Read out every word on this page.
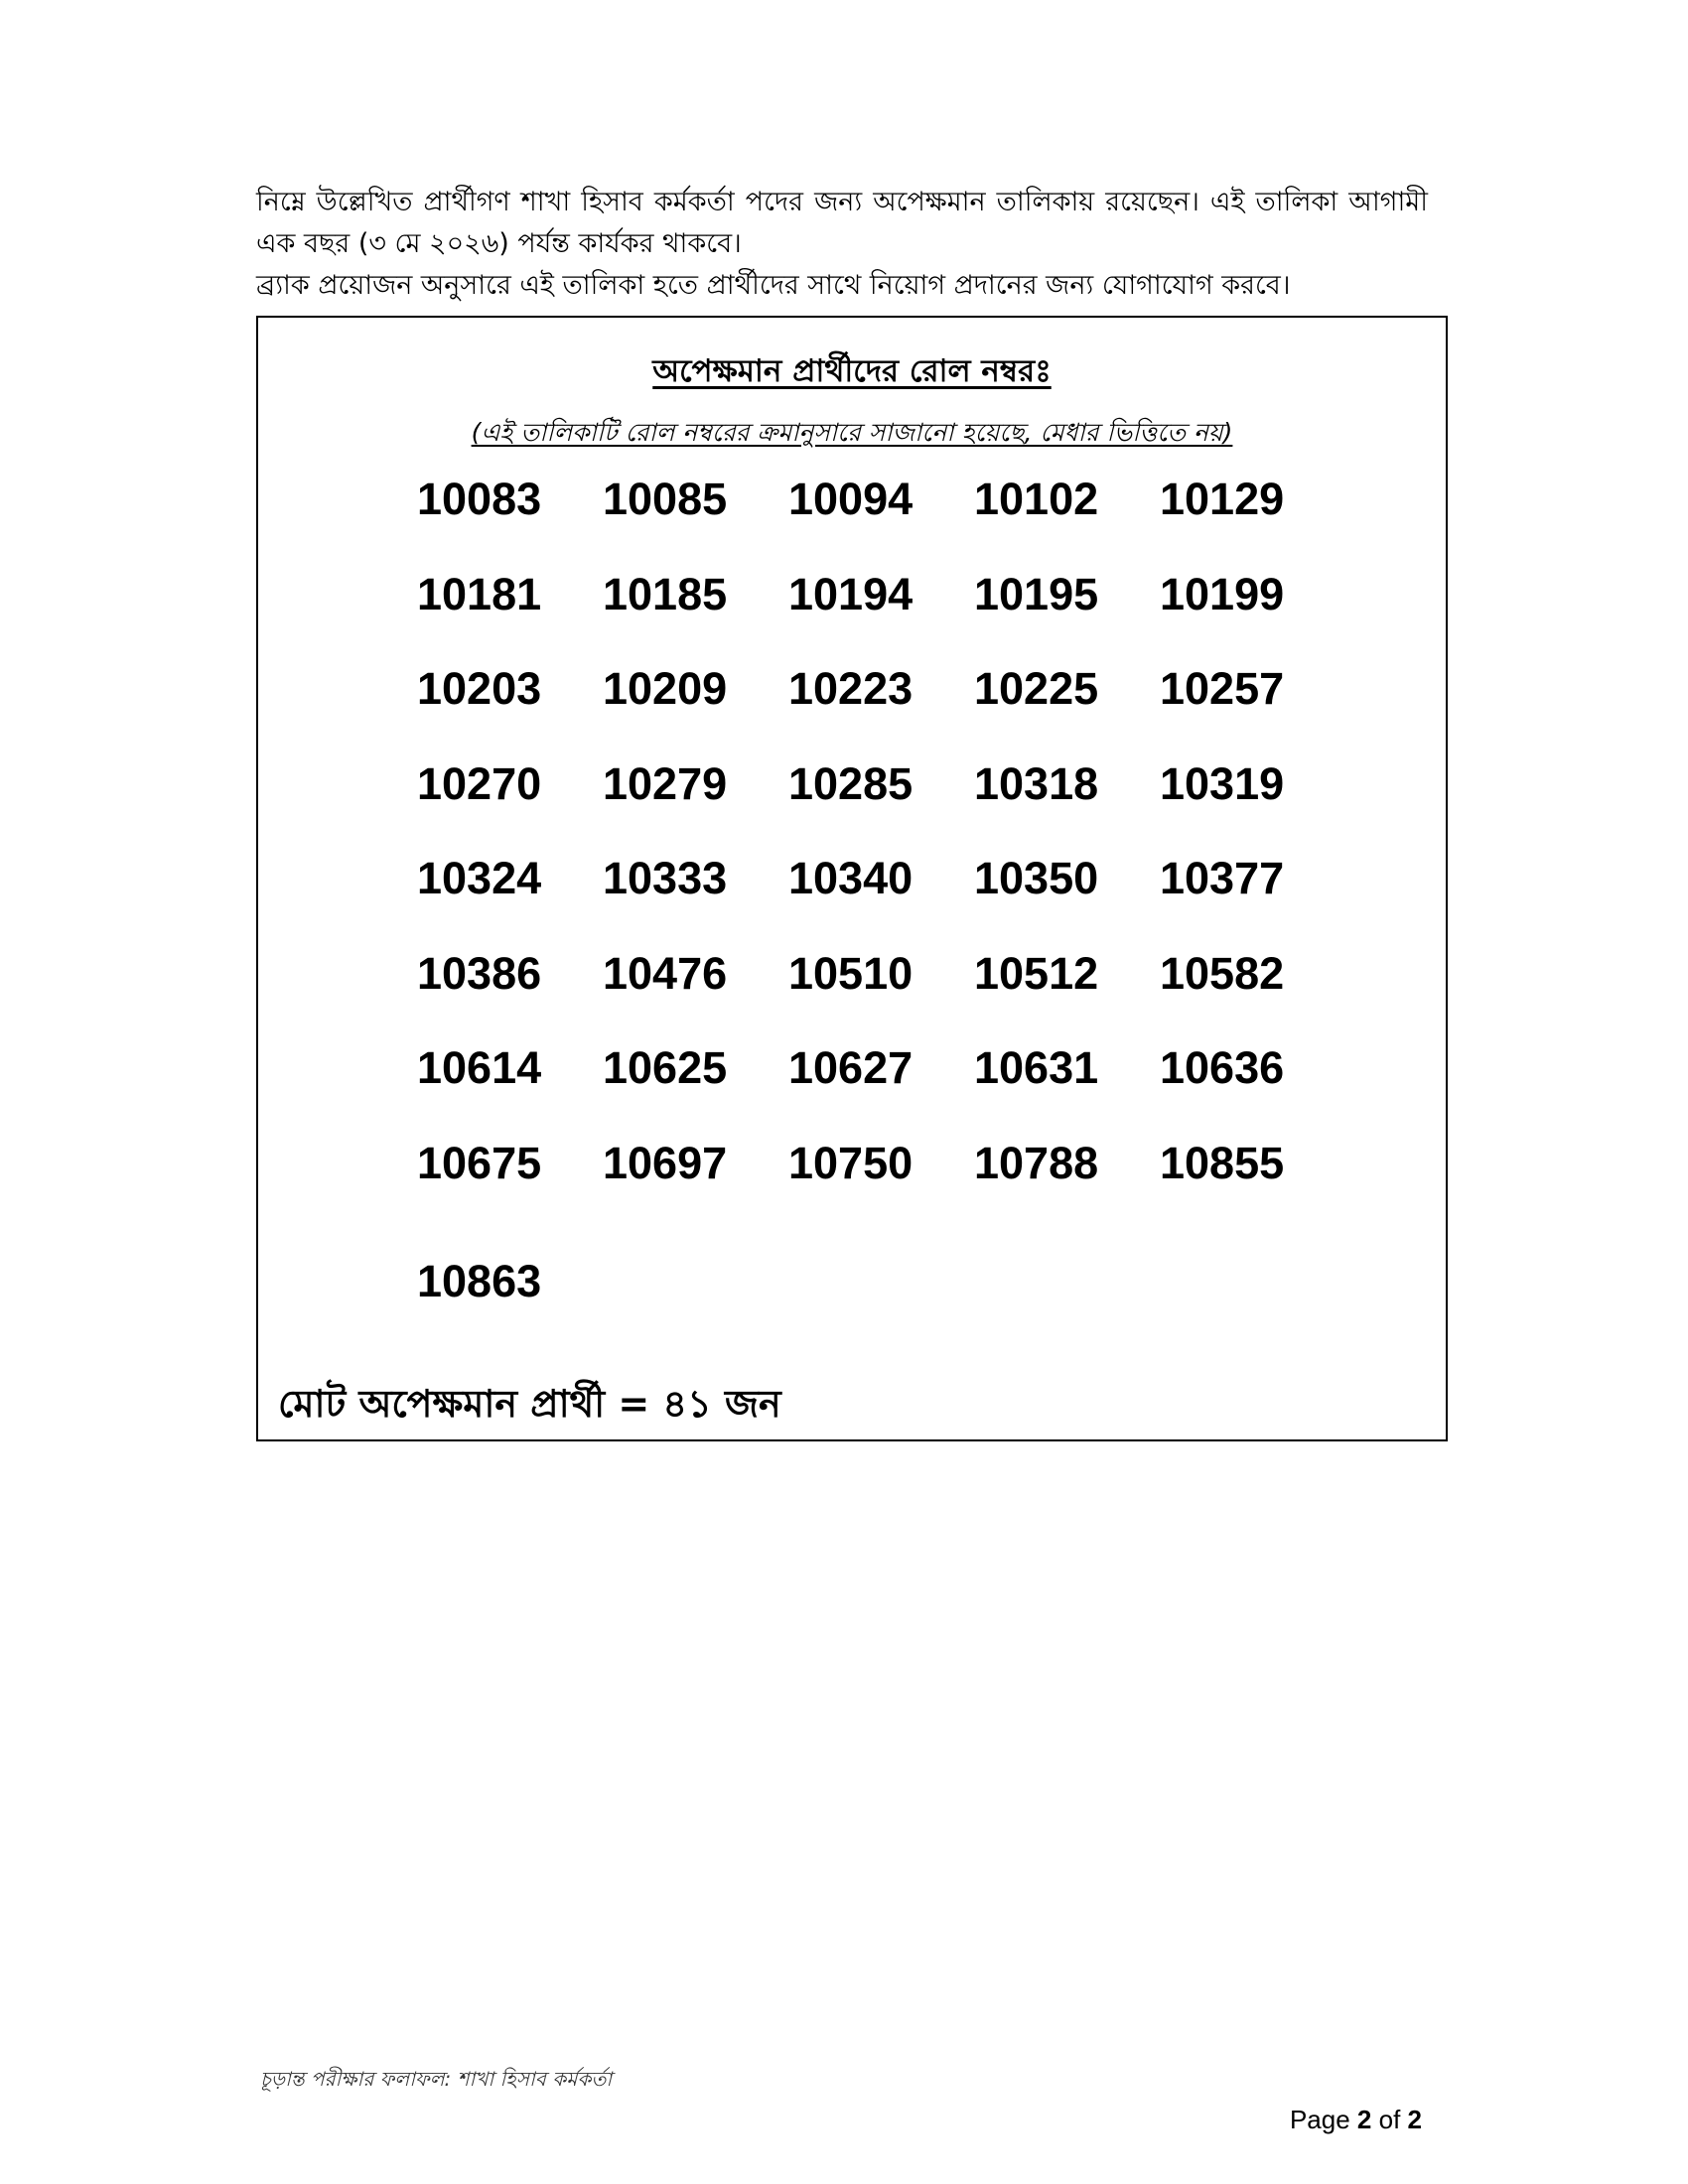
নিম্নে উল্লেখিত প্রার্থীগণ শাখা হিসাব কর্মকর্তা পদের জন্য অপেক্ষমান তালিকায় রয়েছেন। এই তালিকা আগামী এক বছর (৩ মে ২০২৬) পর্যন্ত কার্যকর থাকবে।

ব্র্যাক প্রয়োজন অনুসারে এই তালিকা হতে প্রার্থীদের সাথে নিয়োগ প্রদানের জন্য যোগাযোগ করবে।

অপেক্ষমান প্রার্থীদের রোল নম্বরঃ
(এই তালিকাটি রোল নম্বরের ক্রমানুসারে সাজানো হয়েছে, মেধার ভিত্তিতে নয়)
10083	10085	10094	10102	10129
10181	10185	10194	10195	10199
10203	10209	10223	10225	10257
10270	10279	10285	10318	10319
10324	10333	10340	10350	10377
10386	10476	10510	10512	10582
10614	10625	10627	10631	10636
10675	10697	10750	10788	10855
10863
মোট অপেক্ষমান প্রার্থী = ৪১ জন
চূড়ান্ত পরীক্ষার ফলাফল: শাখা হিসাব কর্মকর্তা
Page 2 of 2
